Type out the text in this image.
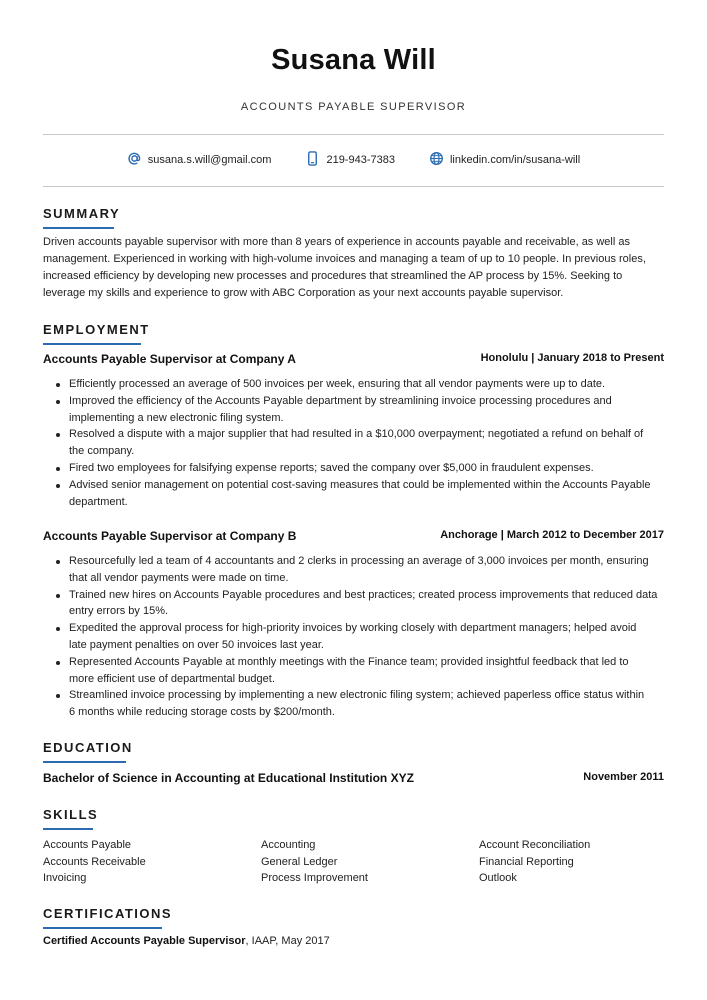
Susana Will
ACCOUNTS PAYABLE SUPERVISOR
susana.s.will@gmail.com	219-943-7383	linkedin.com/in/susana-will
SUMMARY
Driven accounts payable supervisor with more than 8 years of experience in accounts payable and receivable, as well as
management. Experienced in working with high-volume invoices and managing a team of up to 10 people. In previous roles,
increased efficiency by developing new processes and procedures that streamlined the AP process by 15%. Seeking to
leverage my skills and experience to grow with ABC Corporation as your next accounts payable supervisor.
EMPLOYMENT
Accounts Payable Supervisor at Company A	Honolulu | January 2018 to Present
Efficiently processed an average of 500 invoices per week, ensuring that all vendor payments were up to date.
Improved the efficiency of the Accounts Payable department by streamlining invoice processing procedures and
implementing a new electronic filing system.
Resolved a dispute with a major supplier that had resulted in a $10,000 overpayment; negotiated a refund on behalf of
the company.
Fired two employees for falsifying expense reports; saved the company over $5,000 in fraudulent expenses.
Advised senior management on potential cost-saving measures that could be implemented within the Accounts Payable
department.
Accounts Payable Supervisor at Company B	Anchorage | March 2012 to December 2017
Resourcefully led a team of 4 accountants and 2 clerks in processing an average of 3,000 invoices per month, ensuring
that all vendor payments were made on time.
Trained new hires on Accounts Payable procedures and best practices; created process improvements that reduced data
entry errors by 15%.
Expedited the approval process for high-priority invoices by working closely with department managers; helped avoid
late payment penalties on over 50 invoices last year.
Represented Accounts Payable at monthly meetings with the Finance team; provided insightful feedback that led to
more efficient use of departmental budget.
Streamlined invoice processing by implementing a new electronic filing system; achieved paperless office status within
6 months while reducing storage costs by $200/month.
EDUCATION
Bachelor of Science in Accounting at Educational Institution XYZ	November 2011
SKILLS
Accounts Payable	Accounting	Account Reconciliation
Accounts Receivable	General Ledger	Financial Reporting
Invoicing	Process Improvement	Outlook
CERTIFICATIONS
Certified Accounts Payable Supervisor, IAAP, May 2017
